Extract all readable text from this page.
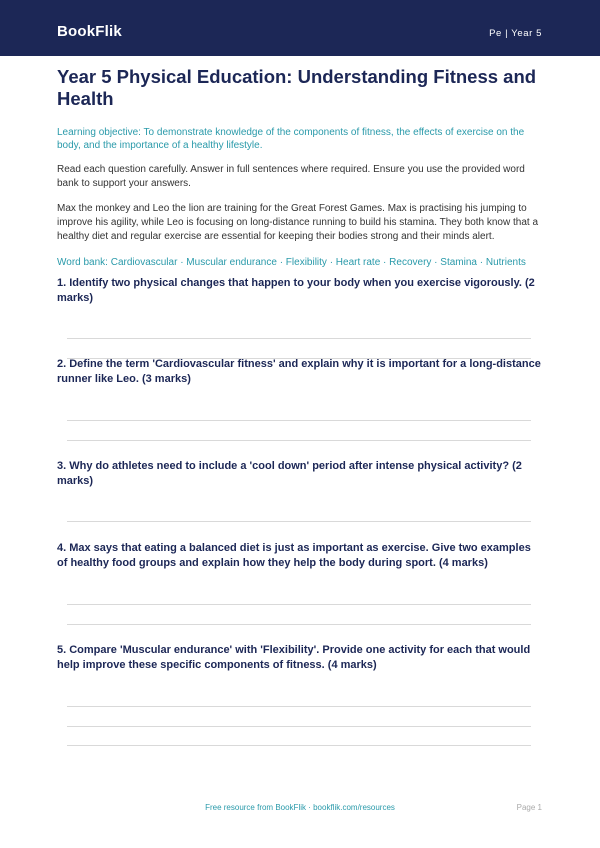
BookFlik	Pe | Year 5
Year 5 Physical Education: Understanding Fitness and Health

Learning objective: To demonstrate knowledge of the components of fitness, the effects of exercise on the body, and the importance of a healthy lifestyle.

Read each question carefully. Answer in full sentences where required. Ensure you use the provided word bank to support your answers.

Max the monkey and Leo the lion are training for the Great Forest Games. Max is practising his jumping to improve his agility, while Leo is focusing on long-distance running to build his stamina. They both know that a healthy diet and regular exercise are essential for keeping their bodies strong and their minds alert.

Word bank: Cardiovascular · Muscular endurance · Flexibility · Heart rate · Recovery · Stamina · Nutrients

1. Identify two physical changes that happen to your body when you exercise vigorously. (2 marks)

2. Define the term 'Cardiovascular fitness' and explain why it is important for a long-distance runner like Leo. (3 marks)

3. Why do athletes need to include a 'cool down' period after intense physical activity? (2 marks)

4. Max says that eating a balanced diet is just as important as exercise. Give two examples of healthy food groups and explain how they help the body during sport. (4 marks)

5. Compare 'Muscular endurance' with 'Flexibility'. Provide one activity for each that would help improve these specific components of fitness. (4 marks)

Free resource from BookFlik · bookflik.com/resources	Page 1
